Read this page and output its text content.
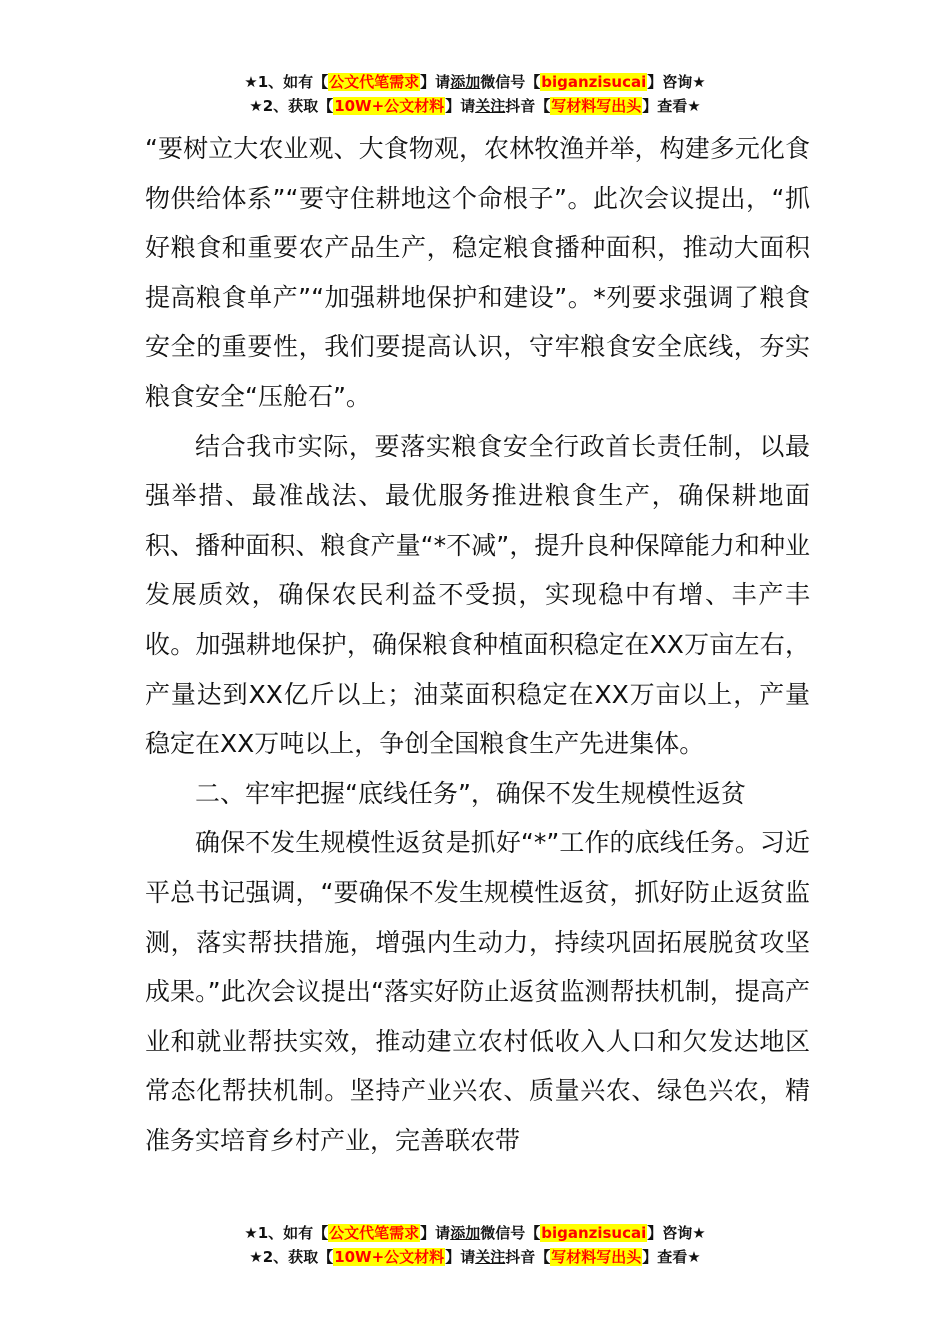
★1、如有【公文代笔需求】请添加微信号【biganzisucai】咨询★
★2、获取【10W+公文材料】请关注抖音【写材料写出头】查看★

“要树立大农业观、大食物观，农林牧渔并举，构建多元化食物供给体系”“要守住耕地这个命根子”。此次会议提出，“抓好粮食和重要农产品生产，稳定粮食播种面积，推动大面积提高粮食单产”“加强耕地保护和建设”。*列要求强调了粮食安全的重要性，我们要提高认识，守牢粮食安全底线，夯实粮食安全“压舱石”。

结合我市实际，要落实粮食安全行政首长责任制，以最强举措、最准战法、最优服务推进粮食生产，确保耕地面积、播种面积、粮食产量“*不减”，提升良种保障能力和种业发展质效，确保农民利益不受损，实现稳中有增、丰产丰收。加强耕地保护，确保粮食种植面积稳定在XX万亩左右，产量达到XX亿斤以上；油菜面积稳定在XX万亩以上，产量稳定在XX万吨以上，争创全国粮食生产先进集体。

二、牢牢把握“底线任务”，确保不发生规模性返贫

确保不发生规模性返贫是抓好“*”工作的底线任务。习近平总书记强调，“要确保不发生规模性返贫，抓好防止返贫监测，落实帮扶措施，增强内生动力，持续巩固拓展脱贫攻坚成果。”此次会议提出“落实好防止返贫监测帮扶机制，提高产业和就业帮扶实效，推动建立农村低收入人口和欠发达地区常态化帮扶机制。坚持产业兴农、质量兴农、绿色兴农，精准务实培育乡村产业，完善联农带

★1、如有【公文代笔需求】请添加微信号【biganzisucai】咨询★
★2、获取【10W+公文材料】请关注抖音【写材料写出头】查看★
